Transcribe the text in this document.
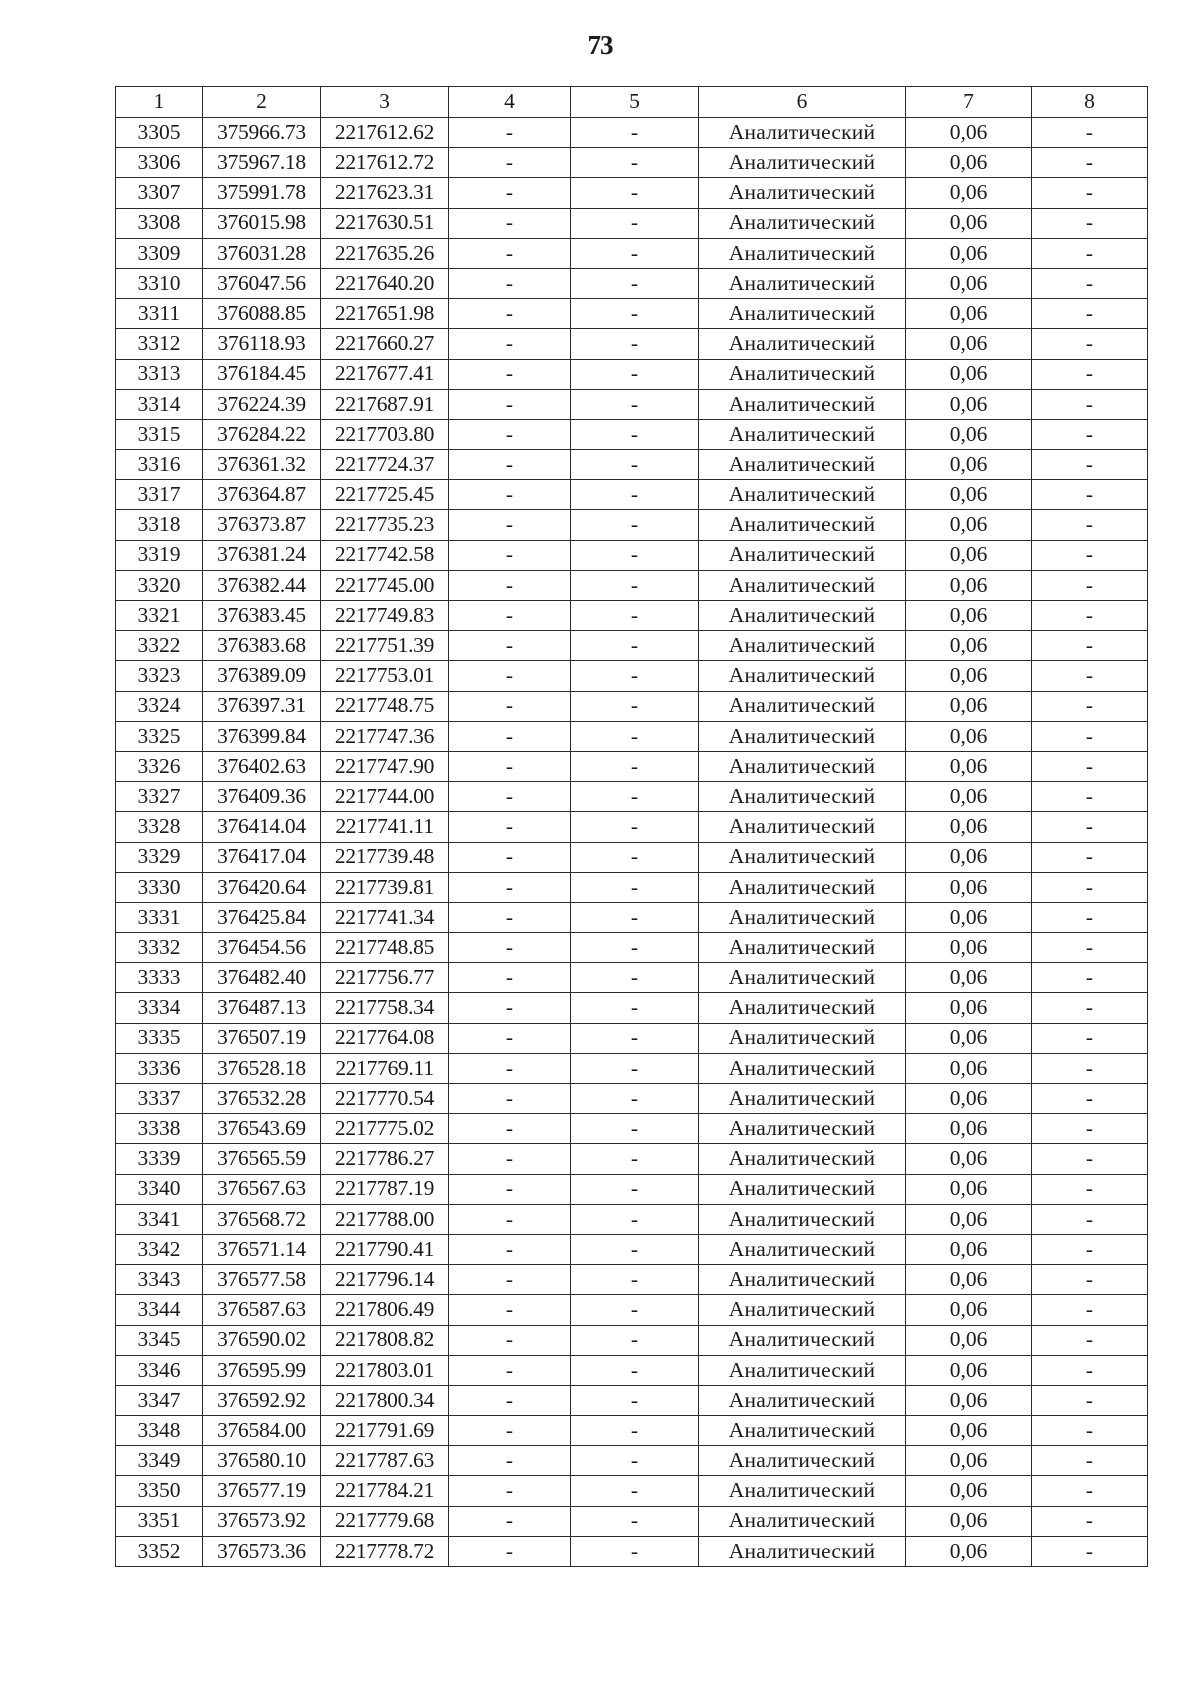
73
1	2	3	4	5	6	7	8
3305	375966.73	2217612.62	-	-	Аналитический	0,06	-
3306	375967.18	2217612.72	-	-	Аналитический	0,06	-
3307	375991.78	2217623.31	-	-	Аналитический	0,06	-
3308	376015.98	2217630.51	-	-	Аналитический	0,06	-
3309	376031.28	2217635.26	-	-	Аналитический	0,06	-
3310	376047.56	2217640.20	-	-	Аналитический	0,06	-
3311	376088.85	2217651.98	-	-	Аналитический	0,06	-
3312	376118.93	2217660.27	-	-	Аналитический	0,06	-
3313	376184.45	2217677.41	-	-	Аналитический	0,06	-
3314	376224.39	2217687.91	-	-	Аналитический	0,06	-
3315	376284.22	2217703.80	-	-	Аналитический	0,06	-
3316	376361.32	2217724.37	-	-	Аналитический	0,06	-
3317	376364.87	2217725.45	-	-	Аналитический	0,06	-
3318	376373.87	2217735.23	-	-	Аналитический	0,06	-
3319	376381.24	2217742.58	-	-	Аналитический	0,06	-
3320	376382.44	2217745.00	-	-	Аналитический	0,06	-
3321	376383.45	2217749.83	-	-	Аналитический	0,06	-
3322	376383.68	2217751.39	-	-	Аналитический	0,06	-
3323	376389.09	2217753.01	-	-	Аналитический	0,06	-
3324	376397.31	2217748.75	-	-	Аналитический	0,06	-
3325	376399.84	2217747.36	-	-	Аналитический	0,06	-
3326	376402.63	2217747.90	-	-	Аналитический	0,06	-
3327	376409.36	2217744.00	-	-	Аналитический	0,06	-
3328	376414.04	2217741.11	-	-	Аналитический	0,06	-
3329	376417.04	2217739.48	-	-	Аналитический	0,06	-
3330	376420.64	2217739.81	-	-	Аналитический	0,06	-
3331	376425.84	2217741.34	-	-	Аналитический	0,06	-
3332	376454.56	2217748.85	-	-	Аналитический	0,06	-
3333	376482.40	2217756.77	-	-	Аналитический	0,06	-
3334	376487.13	2217758.34	-	-	Аналитический	0,06	-
3335	376507.19	2217764.08	-	-	Аналитический	0,06	-
3336	376528.18	2217769.11	-	-	Аналитический	0,06	-
3337	376532.28	2217770.54	-	-	Аналитический	0,06	-
3338	376543.69	2217775.02	-	-	Аналитический	0,06	-
3339	376565.59	2217786.27	-	-	Аналитический	0,06	-
3340	376567.63	2217787.19	-	-	Аналитический	0,06	-
3341	376568.72	2217788.00	-	-	Аналитический	0,06	-
3342	376571.14	2217790.41	-	-	Аналитический	0,06	-
3343	376577.58	2217796.14	-	-	Аналитический	0,06	-
3344	376587.63	2217806.49	-	-	Аналитический	0,06	-
3345	376590.02	2217808.82	-	-	Аналитический	0,06	-
3346	376595.99	2217803.01	-	-	Аналитический	0,06	-
3347	376592.92	2217800.34	-	-	Аналитический	0,06	-
3348	376584.00	2217791.69	-	-	Аналитический	0,06	-
3349	376580.10	2217787.63	-	-	Аналитический	0,06	-
3350	376577.19	2217784.21	-	-	Аналитический	0,06	-
3351	376573.92	2217779.68	-	-	Аналитический	0,06	-
3352	376573.36	2217778.72	-	-	Аналитический	0,06	-
